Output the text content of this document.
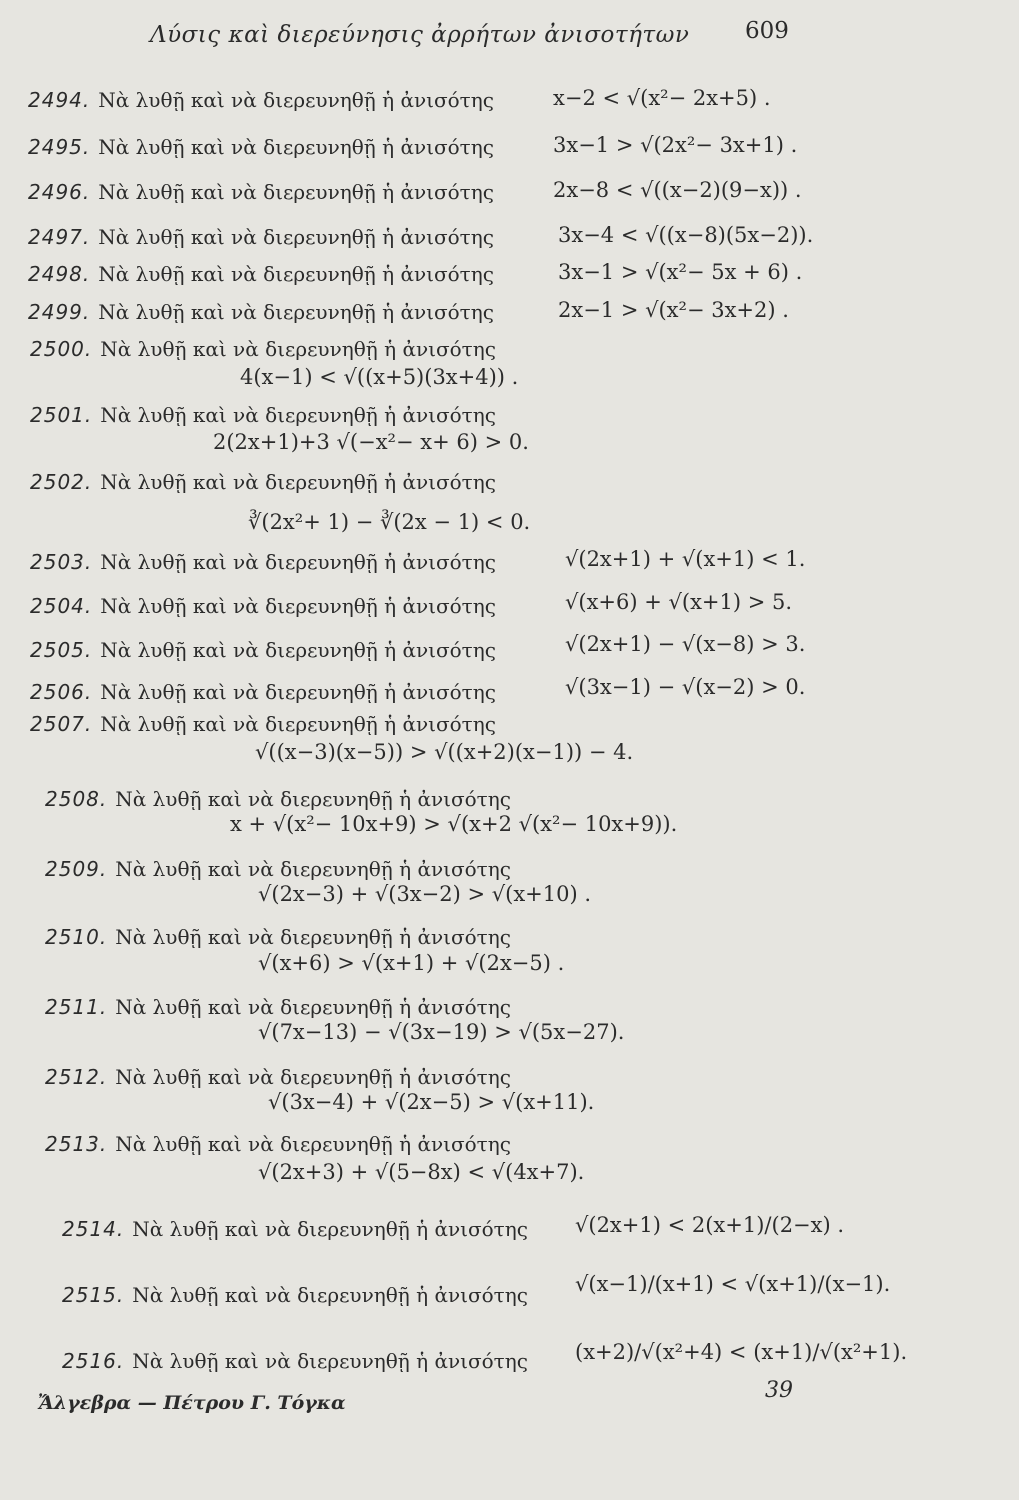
Λύσις καὶ διερεύνησις ἀρρήτων ἀνισοτήτων 609
2494. Νὰ λυθῇ καὶ νὰ διερευνηθῇ ἡ ἀνισότης	x−2 < √(x²− 2x+5) .
2495. Νὰ λυθῇ καὶ νὰ διερευνηθῇ ἡ ἀνισότης	3x−1 > √(2x²− 3x+1) .
2496. Νὰ λυθῇ καὶ νὰ διερευνηθῇ ἡ ἀνισότης	2x−8 < √((x−2)(9−x)) .
2497. Νὰ λυθῇ καὶ νὰ διερευνηθῇ ἡ ἀνισότης	3x−4 < √((x−8)(5x−2)).
2498. Νὰ λυθῇ καὶ νὰ διερευνηθῇ ἡ ἀνισότης	3x−1 > √(x²− 5x + 6) .
2499. Νὰ λυθῇ καὶ νὰ διερευνηθῇ ἡ ἀνισότης	2x−1 > √(x²− 3x+2) .
2500. Νὰ λυθῇ καὶ νὰ διερευνηθῇ ἡ ἀνισότης
4(x−1) < √((x+5)(3x+4)) .
2501. Νὰ λυθῇ καὶ νὰ διερευνηθῇ ἡ ἀνισότης
2(2x+1)+3 √(−x²− x+ 6) > 0.
2502. Νὰ λυθῇ καὶ νὰ διερευνηθῇ ἡ ἀνισότης
∛(2x²+ 1) − ∛(2x − 1) < 0.
2503. Νὰ λυθῇ καὶ νὰ διερευνηθῇ ἡ ἀνισότης	√(2x+1) + √(x+1) < 1.
2504. Νὰ λυθῇ καὶ νὰ διερευνηθῇ ἡ ἀνισότης	√(x+6) + √(x+1) > 5.
2505. Νὰ λυθῇ καὶ νὰ διερευνηθῇ ἡ ἀνισότης	√(2x+1) − √(x−8) > 3.
2506. Νὰ λυθῇ καὶ νὰ διερευνηθῇ ἡ ἀνισότης	√(3x−1) − √(x−2) > 0.
2507. Νὰ λυθῇ καὶ νὰ διερευνηθῇ ἡ ἀνισότης
√((x−3)(x−5)) > √((x+2)(x−1)) − 4.
2508. Νὰ λυθῇ καὶ νὰ διερευνηθῇ ἡ ἀνισότης
x + √(x²− 10x+9) > √(x+2 √(x²− 10x+9)).
2509. Νὰ λυθῇ καὶ νὰ διερευνηθῇ ἡ ἀνισότης
√(2x−3) + √(3x−2) > √(x+10) .
2510. Νὰ λυθῇ καὶ νὰ διερευνηθῇ ἡ ἀνισότης
√(x+6) > √(x+1) + √(2x−5) .
2511. Νὰ λυθῇ καὶ νὰ διερευνηθῇ ἡ ἀνισότης
√(7x−13) − √(3x−19) > √(5x−27).
2512. Νὰ λυθῇ καὶ νὰ διερευνηθῇ ἡ ἀνισότης
√(3x−4) + √(2x−5) > √(x+11).
2513. Νὰ λυθῇ καὶ νὰ διερευνηθῇ ἡ ἀνισότης
√(2x+3) + √(5−8x) < √(4x+7).
2514. Νὰ λυθῇ καὶ νὰ διερευνηθῇ ἡ ἀνισότης √(2x+1) < 2(x+1)/(2−x) .
2515. Νὰ λυθῇ καὶ νὰ διερευνηθῇ ἡ ἀνισότης √(x−1)/(x+1) < √(x+1)/(x−1).
2516. Νὰ λυθῇ καὶ νὰ διερευνηθῇ ἡ ἀνισότης (x+2)/√(x²+4) < (x+1)/√(x²+1).
Ἄλγεβρα — Πέτρου Γ. Τόγκα	39
